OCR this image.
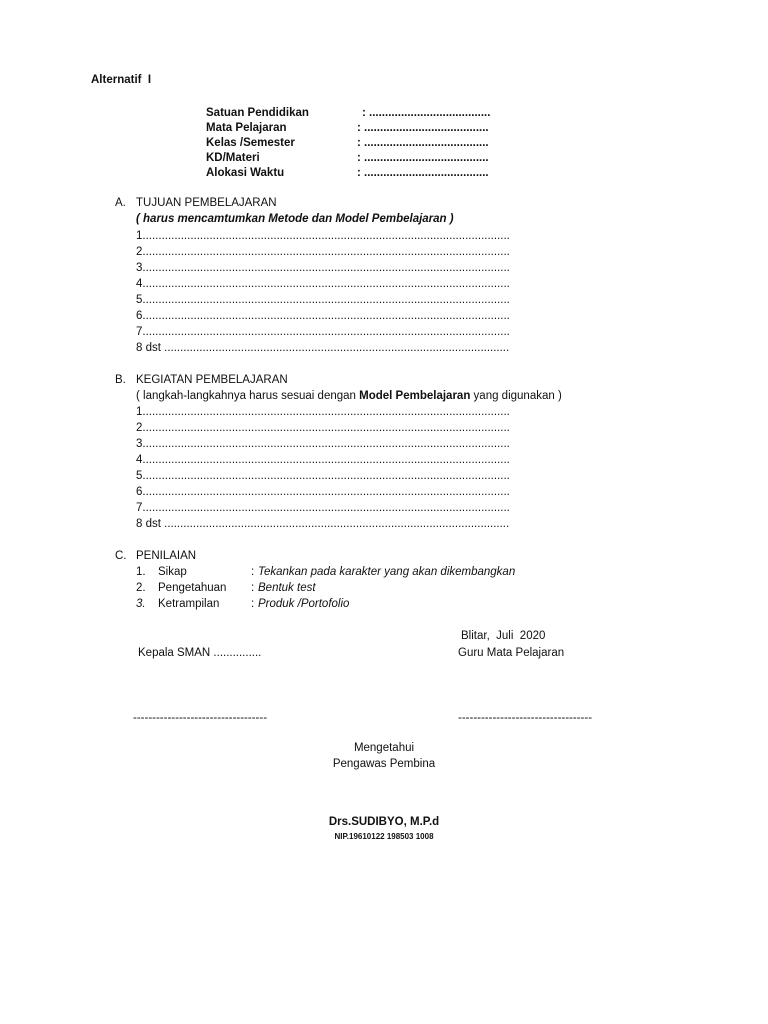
Alternatif  I
Satuan Pendidikan	: ......................................
Mata Pelajaran	: .......................................
Kelas /Semester	: .......................................
KD/Materi	: .......................................
Alokasi Waktu	: .......................................
A. TUJUAN PEMBELAJARAN
( harus mencamtumkan Metode dan Model Pembelajaran )
1...................................................................................................................
2...................................................................................................................
3...................................................................................................................
4...................................................................................................................
5...................................................................................................................
6...................................................................................................................
7...................................................................................................................
8 dst ............................................................................................................
B. KEGIATAN PEMBELAJARAN
( langkah-langkahnya harus sesuai dengan Model Pembelajaran yang digunakan )
1...................................................................................................................
2...................................................................................................................
3...................................................................................................................
4...................................................................................................................
5...................................................................................................................
6...................................................................................................................
7...................................................................................................................
8 dst ............................................................................................................
C. PENILAIAN
1. Sikap	: Tekankan pada karakter yang akan dikembangkan
2. Pengetahuan : Bentuk test
3. Ketrampilan	: Produk /Portofolio
Blitar,  Juli  2020
Kepala SMAN ...............	Guru Mata Pelajaran
-----------------------------------	-----------------------------------
Mengetahui
Pengawas Pembina
Drs.SUDIBYO, M.P.d
NIP.19610122 198503 1008
